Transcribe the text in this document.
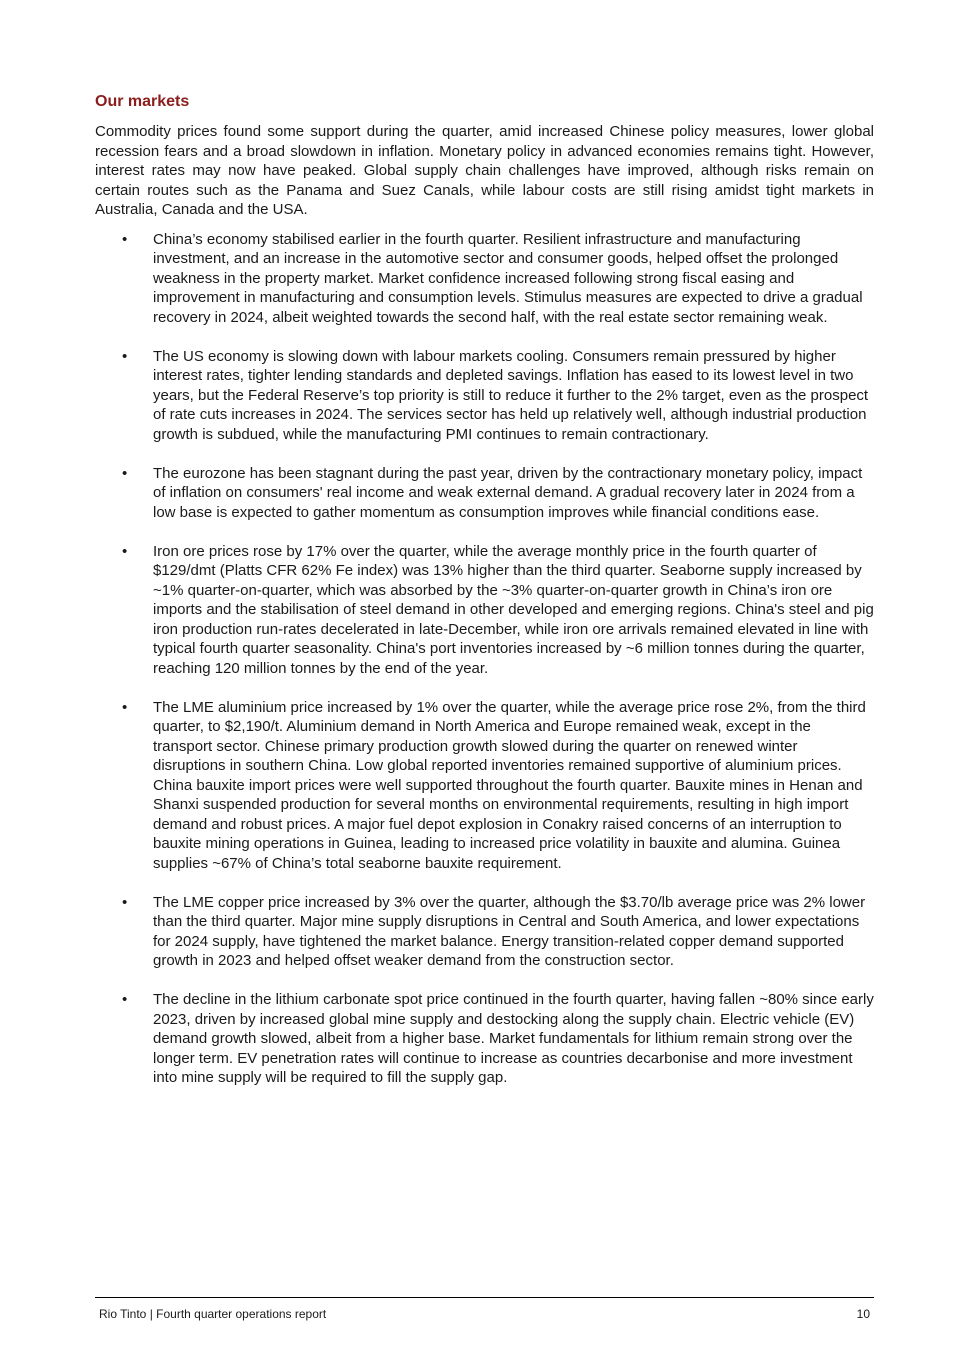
Our markets

Commodity prices found some support during the quarter, amid increased Chinese policy measures, lower global recession fears and a broad slowdown in inflation. Monetary policy in advanced economies remains tight. However, interest rates may now have peaked. Global supply chain challenges have improved, although risks remain on certain routes such as the Panama and Suez Canals, while labour costs are still rising amidst tight markets in Australia, Canada and the USA.

• China’s economy stabilised earlier in the fourth quarter. Resilient infrastructure and manufacturing investment, and an increase in the automotive sector and consumer goods, helped offset the prolonged weakness in the property market. Market confidence increased following strong fiscal easing and improvement in manufacturing and consumption levels. Stimulus measures are expected to drive a gradual recovery in 2024, albeit weighted towards the second half, with the real estate sector remaining weak.
• The US economy is slowing down with labour markets cooling. Consumers remain pressured by higher interest rates, tighter lending standards and depleted savings. Inflation has eased to its lowest level in two years, but the Federal Reserve’s top priority is still to reduce it further to the 2% target, even as the prospect of rate cuts increases in 2024. The services sector has held up relatively well, although industrial production growth is subdued, while the manufacturing PMI continues to remain contractionary.
• The eurozone has been stagnant during the past year, driven by the contractionary monetary policy, impact of inflation on consumers' real income and weak external demand. A gradual recovery later in 2024 from a low base is expected to gather momentum as consumption improves while financial conditions ease.
• Iron ore prices rose by 17% over the quarter, while the average monthly price in the fourth quarter of $129/dmt (Platts CFR 62% Fe index) was 13% higher than the third quarter. Seaborne supply increased by ~1% quarter-on-quarter, which was absorbed by the ~3% quarter-on-quarter growth in China’s iron ore imports and the stabilisation of steel demand in other developed and emerging regions. China's steel and pig iron production run-rates decelerated in late-December, while iron ore arrivals remained elevated in line with typical fourth quarter seasonality. China's port inventories increased by ~6 million tonnes during the quarter, reaching 120 million tonnes by the end of the year.
• The LME aluminium price increased by 1% over the quarter, while the average price rose 2%, from the third quarter, to $2,190/t. Aluminium demand in North America and Europe remained weak, except in the transport sector. Chinese primary production growth slowed during the quarter on renewed winter disruptions in southern China. Low global reported inventories remained supportive of aluminium prices. China bauxite import prices were well supported throughout the fourth quarter. Bauxite mines in Henan and Shanxi suspended production for several months on environmental requirements, resulting in high import demand and robust prices. A major fuel depot explosion in Conakry raised concerns of an interruption to bauxite mining operations in Guinea, leading to increased price volatility in bauxite and alumina. Guinea supplies ~67% of China’s total seaborne bauxite requirement.
• The LME copper price increased by 3% over the quarter, although the $3.70/lb average price was 2% lower than the third quarter. Major mine supply disruptions in Central and South America, and lower expectations for 2024 supply, have tightened the market balance. Energy transition-related copper demand supported growth in 2023 and helped offset weaker demand from the construction sector.
• The decline in the lithium carbonate spot price continued in the fourth quarter, having fallen ~80% since early 2023, driven by increased global mine supply and destocking along the supply chain. Electric vehicle (EV) demand growth slowed, albeit from a higher base. Market fundamentals for lithium remain strong over the longer term. EV penetration rates will continue to increase as countries decarbonise and more investment into mine supply will be required to fill the supply gap.
Rio Tinto | Fourth quarter operations report	10
